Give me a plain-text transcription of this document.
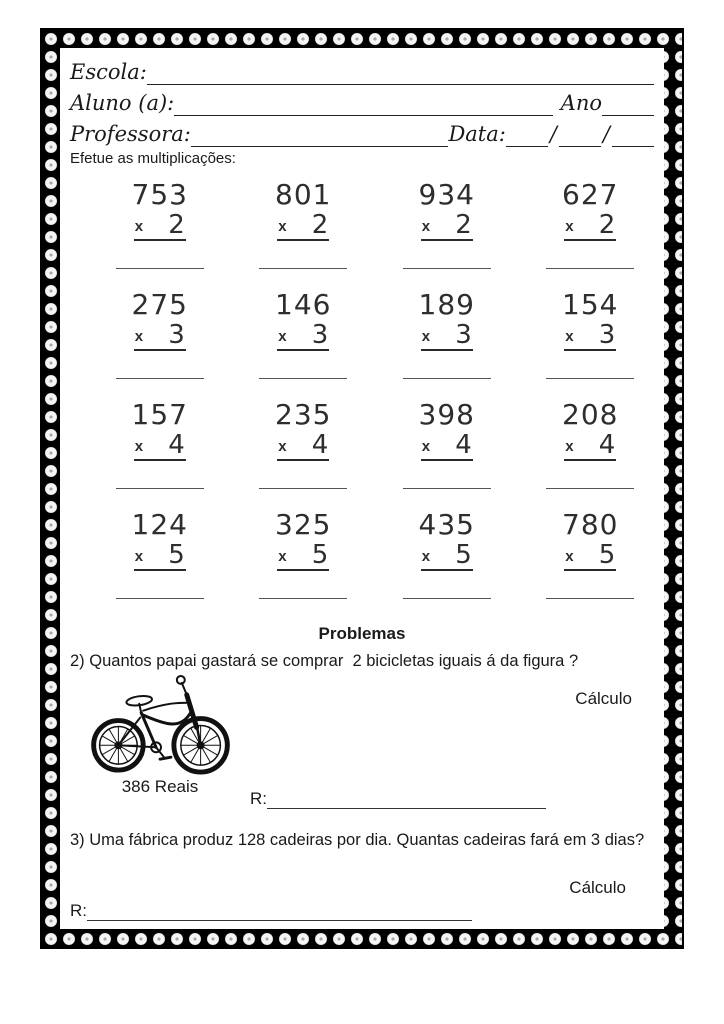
Escola:
Aluno (a):	Ano
Professora:	Data: / /
Efetue as multiplicações:
753
x 2
801
x 2
934
x 2
627
x 2
275
x 3
146
x 3
189
x 3
154
x 3
157
x 4
235
x 4
398
x 4
208
x 4
124
x 5
325
x 5
435
x 5
780
x 5
Problemas
2) Quantos papai gastará se comprar  2 bicicletas iguais á da figura ?
386 Reais
Cálculo
R:
3) Uma fábrica produz 128 cadeiras por dia. Quantas cadeiras fará em 3 dias?
Cálculo
R:
